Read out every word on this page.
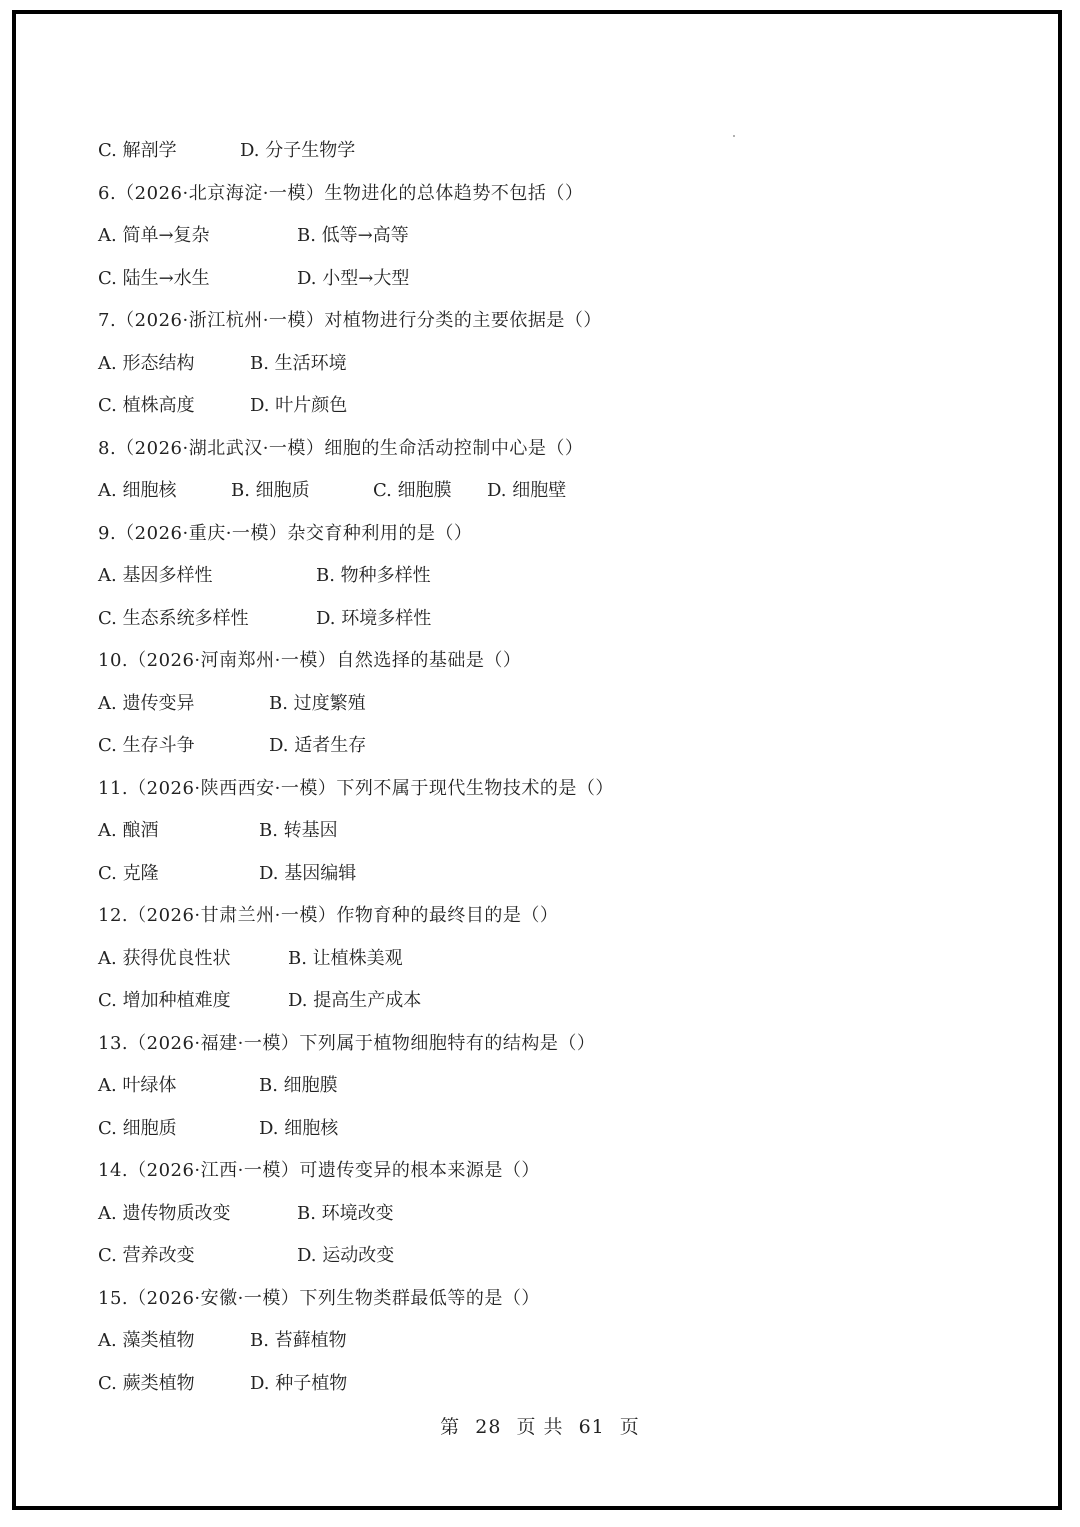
C. 解剖学	D. 分子生物学
6.（2026·北京海淀·一模）生物进化的总体趋势不包括（）
A. 简单→复杂	B. 低等→高等
C. 陆生→水生	D. 小型→大型
7.（2026·浙江杭州·一模）对植物进行分类的主要依据是（）
A. 形态结构	B. 生活环境
C. 植株高度	D. 叶片颜色
8.（2026·湖北武汉·一模）细胞的生命活动控制中心是（）
A. 细胞核	B. 细胞质	C. 细胞膜 D. 细胞壁
9.（2026·重庆·一模）杂交育种利用的是（）
A. 基因多样性	B. 物种多样性
C. 生态系统多样性	D. 环境多样性
10.（2026·河南郑州·一模）自然选择的基础是（）
A. 遗传变异	B. 过度繁殖
C. 生存斗争	D. 适者生存
11.（2026·陕西西安·一模）下列不属于现代生物技术的是（）
A. 酿酒	B. 转基因
C. 克隆	D. 基因编辑
12.（2026·甘肃兰州·一模）作物育种的最终目的是（）
A. 获得优良性状	B. 让植株美观
C. 增加种植难度	D. 提高生产成本
13.（2026·福建·一模）下列属于植物细胞特有的结构是（）
A. 叶绿体	B. 细胞膜
C. 细胞质	D. 细胞核
14.（2026·江西·一模）可遗传变异的根本来源是（）
A. 遗传物质改变	B. 环境改变
C. 营养改变	D. 运动改变
15.（2026·安徽·一模）下列生物类群最低等的是（）
A. 藻类植物	B. 苔藓植物
C. 蕨类植物	D. 种子植物
第 28 页 共 61 页
